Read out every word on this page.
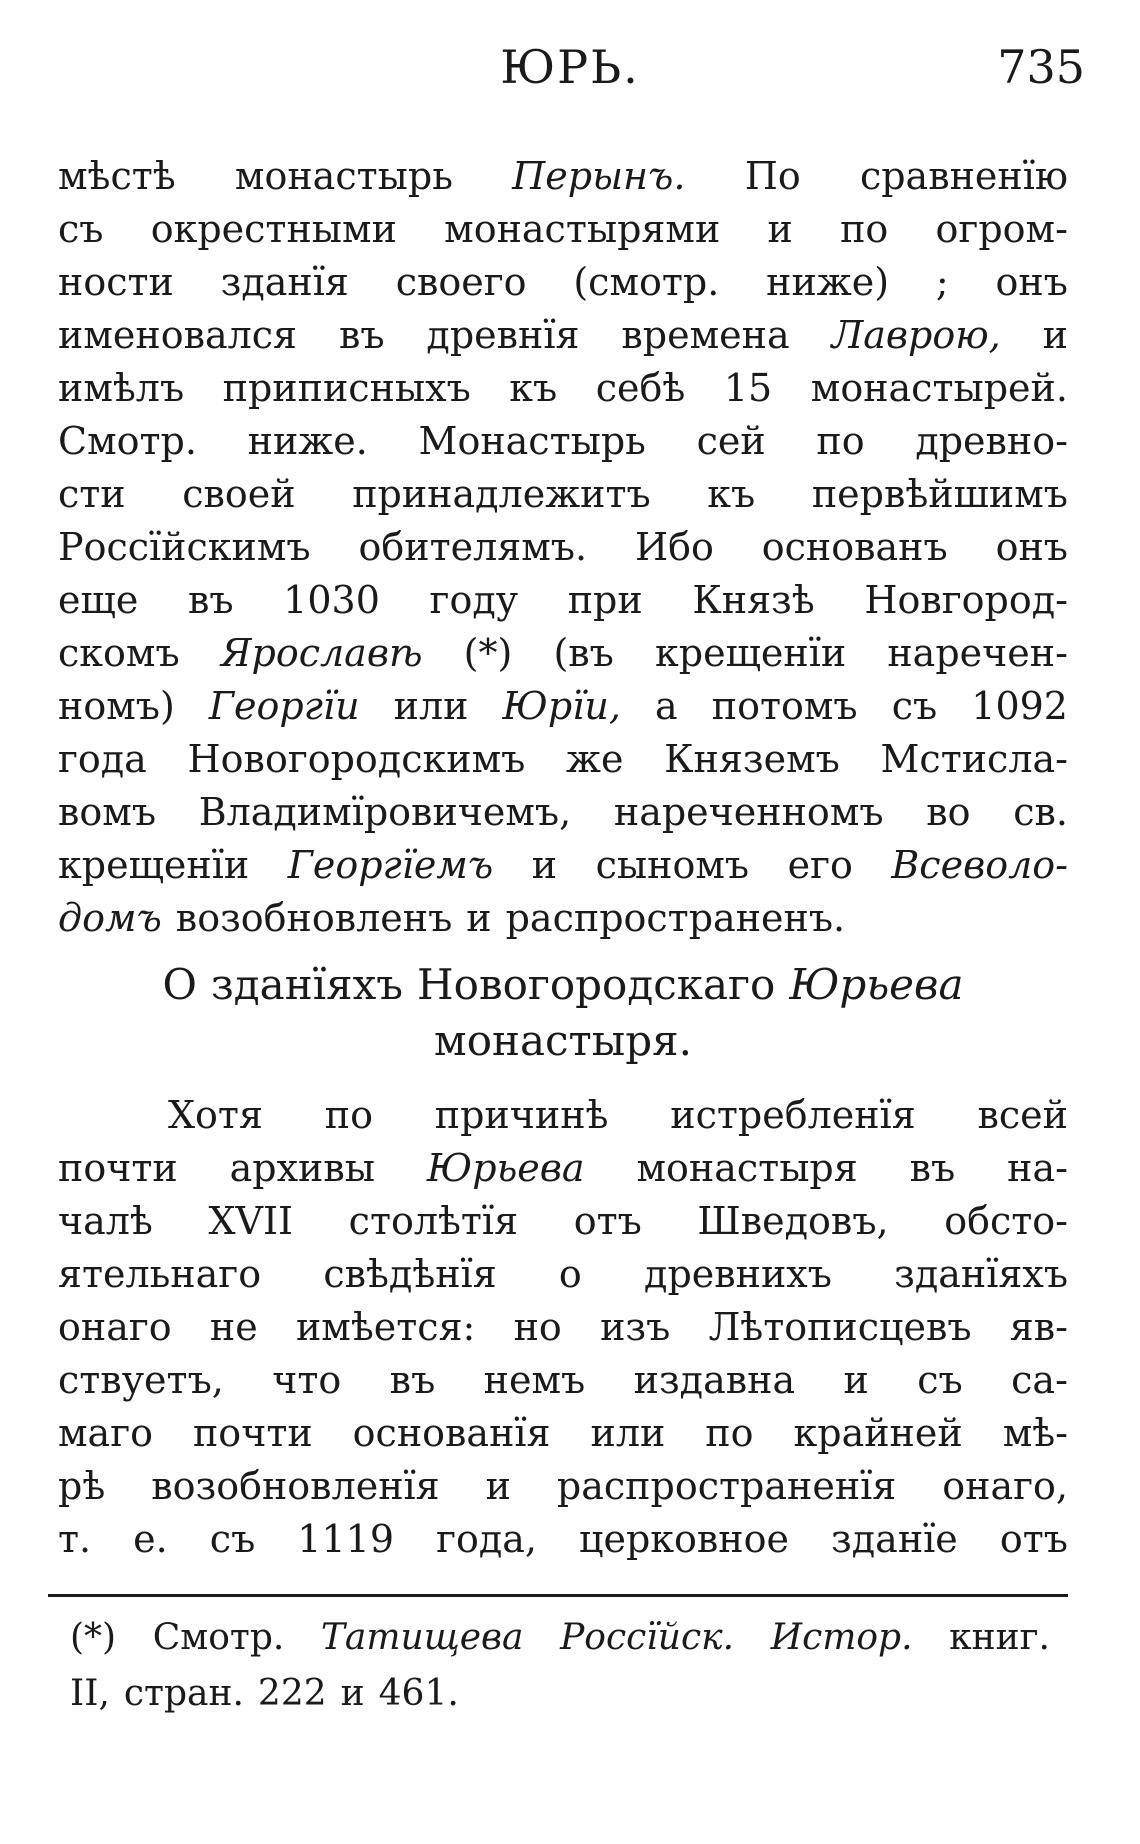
ЮРЬ.	735
мѣстѣ монастырь Перынъ. По сравненїю
съ окрестными монастырями и по огром-
ности зданїя своего (смотр. ниже) ; онъ
именовался въ древнїя времена Лаврою, и
имѣлъ приписныхъ къ себѣ 15 монастырей.
Смотр. ниже. Монастырь сей по древно-
сти своей принадлежитъ къ первѣйшимъ
Россїйскимъ обителямъ. Ибо основанъ онъ
еще въ 1030 году при Князѣ Новгород-
скомъ Ярославѣ (*) (въ крещенїи наречен-
номъ) Георгїи или Юрїи, а потомъ съ 1092
года Новогородскимъ же Княземъ Мстисла-
вомъ Владимїровичемъ, нареченномъ во св.
крещенїи Георгїемъ и сыномъ его Всеволо-
домъ возобновленъ и распространенъ.
О зданїяхъ Новогородскаго Юрьева
монастыря.
Хотя по причинѣ истребленїя всей
почти архивы Юрьева монастыря въ на-
чалѣ XVII столѣтїя отъ Шведовъ, обсто-
ятельнаго свѣдѣнїя о древнихъ зданїяхъ
онаго не имѣется: но изъ Лѣтописцевъ яв-
ствуетъ, что въ немъ издавна и съ са-
маго почти основанїя или по крайней мѣ-
рѣ возобновленїя и распространенїя онаго,
т. е. съ 1119 года, церковное зданїе отъ
(*) Смотр. Татищева Россїйск. Истор. книг.
II, стран. 222 и 461.
